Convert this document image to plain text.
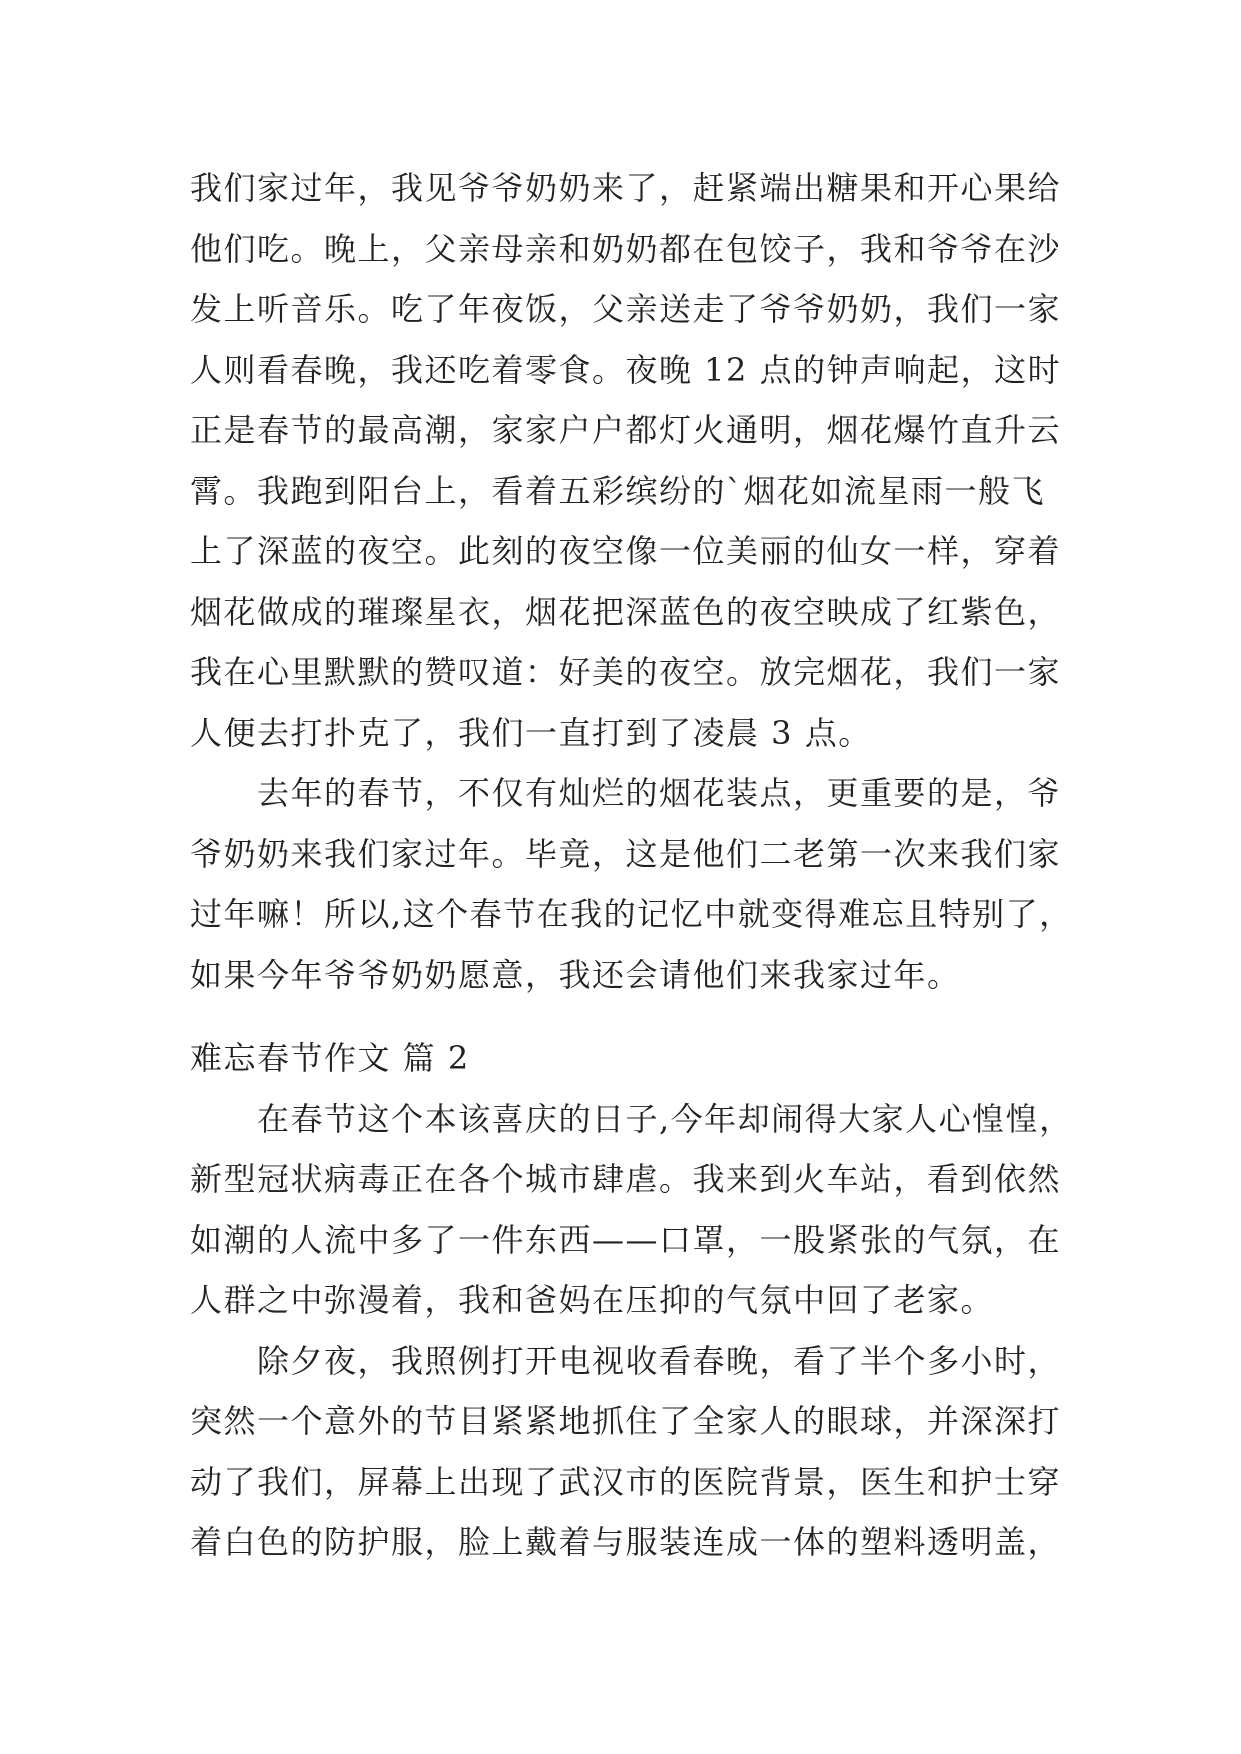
我们家过年，我见爷爷奶奶来了，赶紧端出糖果和开心果给
他们吃。晚上，父亲母亲和奶奶都在包饺子，我和爷爷在沙
发上听音乐。吃了年夜饭，父亲送走了爷爷奶奶，我们一家
人则看春晚，我还吃着零食。夜晚 12 点的钟声响起，这时
正是春节的最高潮，家家户户都灯火通明，烟花爆竹直升云
霄。我跑到阳台上，看着五彩缤纷的`烟花如流星雨一般飞
上了深蓝的夜空。此刻的夜空像一位美丽的仙女一样，穿着
烟花做成的璀璨星衣，烟花把深蓝色的夜空映成了红紫色，
我在心里默默的赞叹道：好美的夜空。放完烟花，我们一家
人便去打扑克了，我们一直打到了凌晨 3 点。
　　去年的春节，不仅有灿烂的烟花装点，更重要的是，爷
爷奶奶来我们家过年。毕竟，这是他们二老第一次来我们家
过年嘛！所以,这个春节在我的记忆中就变得难忘且特别了，
如果今年爷爷奶奶愿意，我还会请他们来我家过年。
难忘春节作文 篇 2
　　在春节这个本该喜庆的日子,今年却闹得大家人心惶惶，
新型冠状病毒正在各个城市肆虐。我来到火车站，看到依然
如潮的人流中多了一件东西——口罩，一股紧张的气氛，在
人群之中弥漫着，我和爸妈在压抑的气氛中回了老家。
　　除夕夜，我照例打开电视收看春晚，看了半个多小时，
突然一个意外的节目紧紧地抓住了全家人的眼球，并深深打
动了我们，屏幕上出现了武汉市的医院背景，医生和护士穿
着白色的防护服，脸上戴着与服装连成一体的塑料透明盖，
